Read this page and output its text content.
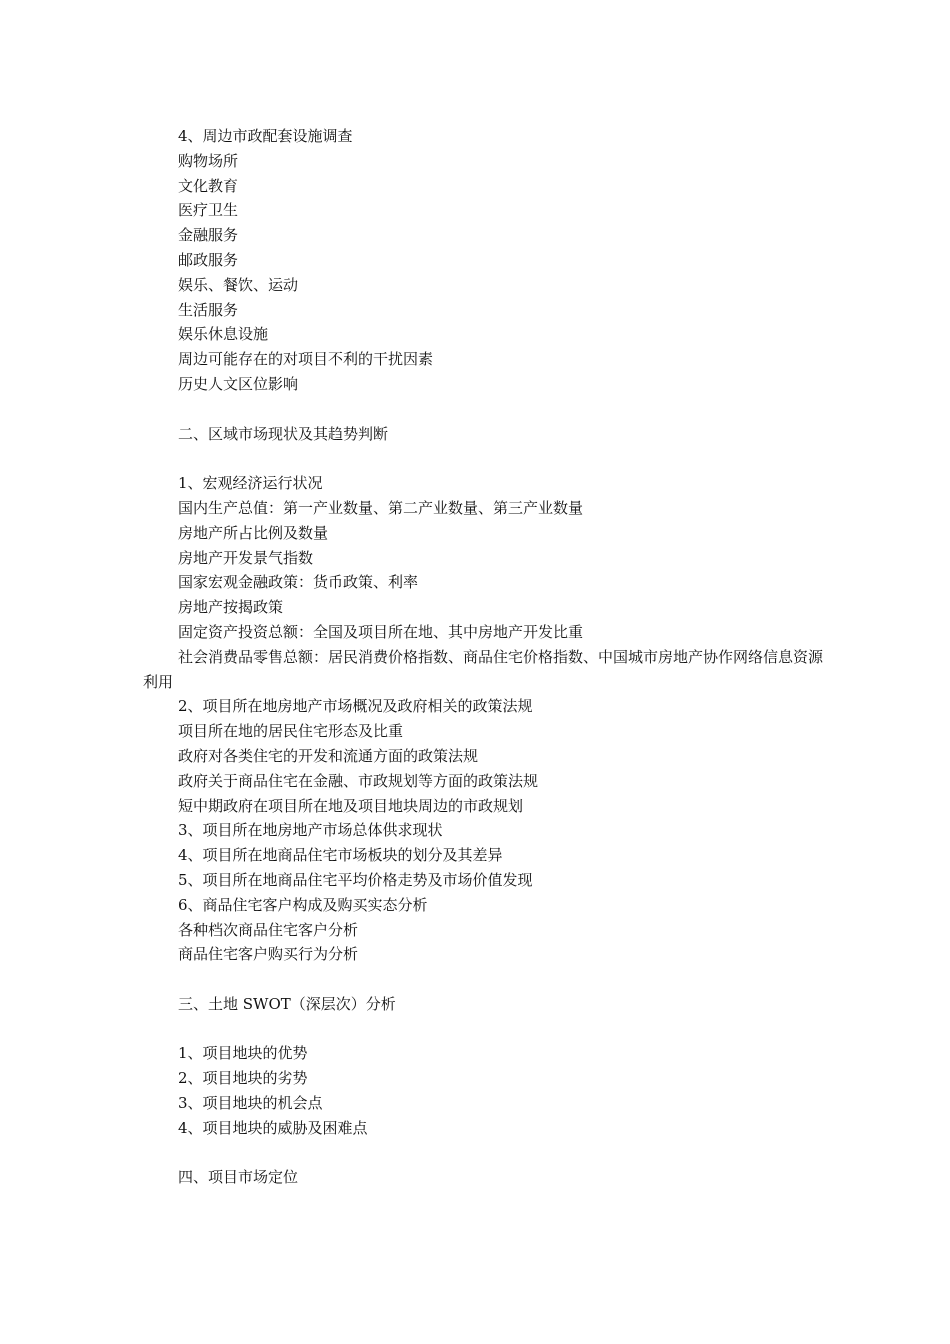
4、周边市政配套设施调查

购物场所

文化教育

医疗卫生

金融服务

邮政服务

娱乐、餐饮、运动

生活服务

娱乐休息设施

周边可能存在的对项目不利的干扰因素

历史人文区位影响

二、区域市场现状及其趋势判断

1、宏观经济运行状况

国内生产总值：第一产业数量、第二产业数量、第三产业数量

房地产所占比例及数量

房地产开发景气指数

国家宏观金融政策：货币政策、利率

房地产按揭政策

固定资产投资总额：全国及项目所在地、其中房地产开发比重

社会消费品零售总额：居民消费价格指数、商品住宅价格指数、中国城市房地产协作网络信息资源利用

2、项目所在地房地产市场概况及政府相关的政策法规

项目所在地的居民住宅形态及比重

政府对各类住宅的开发和流通方面的政策法规

政府关于商品住宅在金融、市政规划等方面的政策法规

短中期政府在项目所在地及项目地块周边的市政规划

3、项目所在地房地产市场总体供求现状

4、项目所在地商品住宅市场板块的划分及其差异

5、项目所在地商品住宅平均价格走势及市场价值发现

6、商品住宅客户构成及购买实态分析

各种档次商品住宅客户分析

商品住宅客户购买行为分析

三、土地 SWOT（深层次）分析

1、项目地块的优势

2、项目地块的劣势

3、项目地块的机会点

4、项目地块的威胁及困难点

四、项目市场定位
